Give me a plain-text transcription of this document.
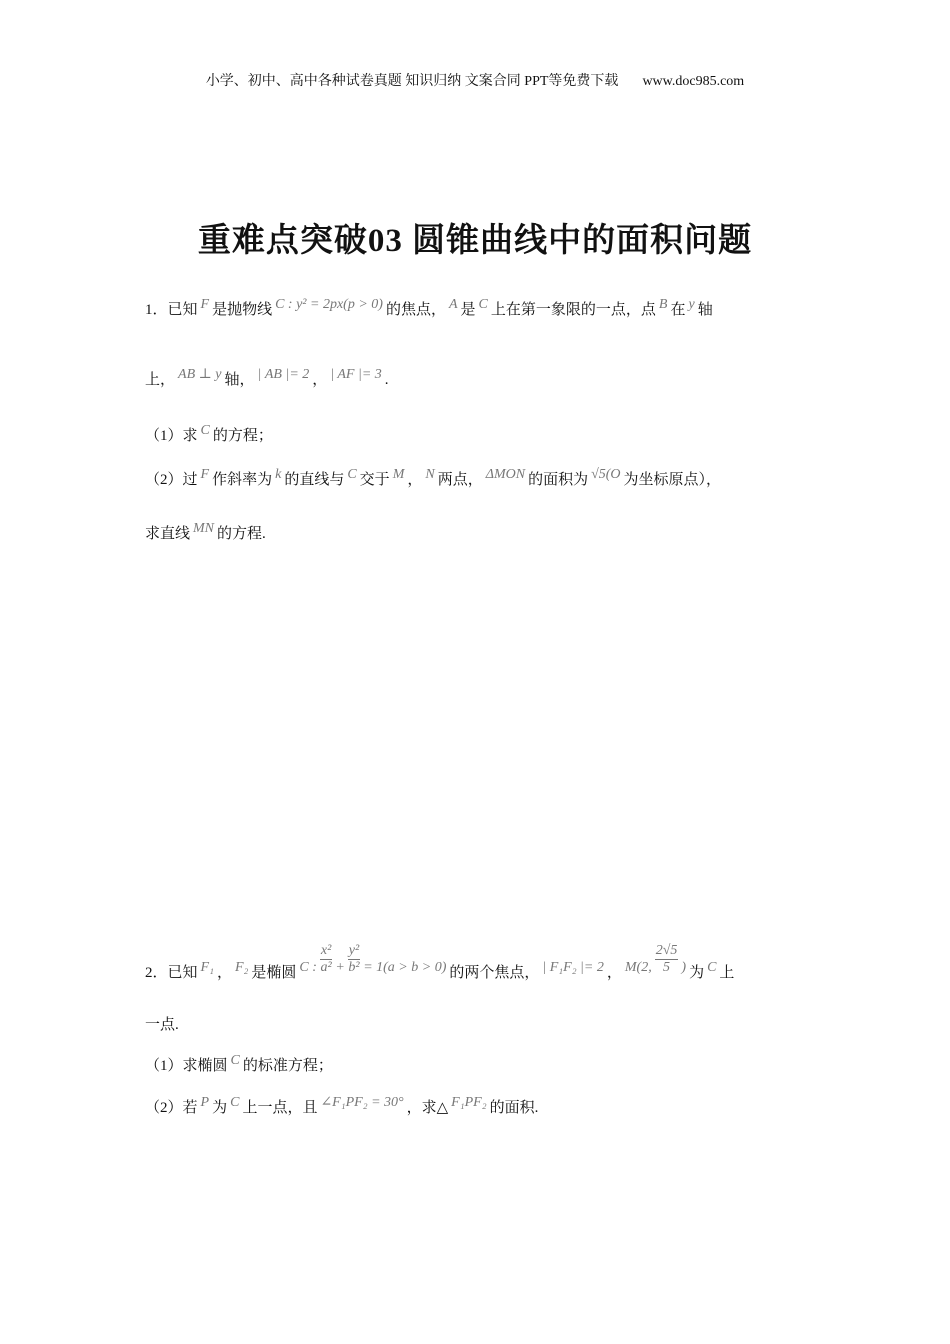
小学、初中、高中各种试卷真题 知识归纳 文案合同 PPT等免费下载 www.doc985.com
重难点突破03 圆锥曲线中的面积问题
1．已知 F 是抛物线 C : y² = 2px(p > 0) 的焦点， A 是 C 上在第一象限的一点，点 B 在 y 轴
上， AB ⊥ y 轴， | AB |= 2 ， | AF |= 3 .
（1）求 C 的方程；
（2）过 F 作斜率为 k 的直线与 C 交于 M ， N 两点， ΔMON 的面积为 √5(O 为坐标原点），
求直线 MN 的方程.
2．已知 F₁ ， F₂ 是椭圆 C : $\frac{\text{x²}}{\text{a²}} + \frac{\text{y²}}{\text{b²}} = 1(a > b > 0)$ 的两个焦点， | F₁F₂ |= 2 ， M(2, $\frac{2√5}{5}$ ) 为 C 上
一点.
（1）求椭圆 C 的标准方程；
（2）若 P 为 C 上一点，且 ∠F₁PF₂ = 30° ，求△ F₁PF₂ 的面积.
